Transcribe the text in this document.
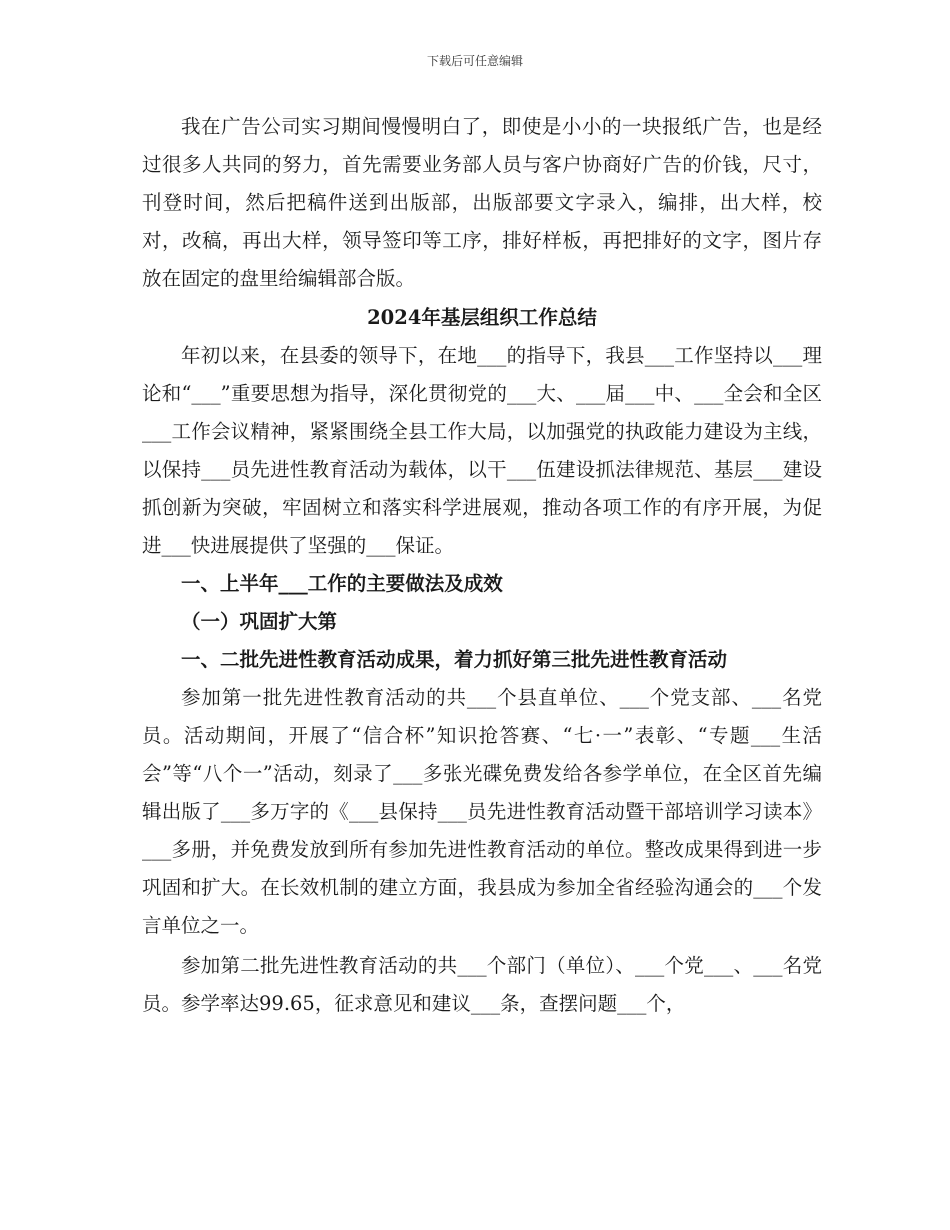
下载后可任意编辑

我在广告公司实习期间慢慢明白了，即使是小小的一块报纸广告，也是经过很多人共同的努力，首先需要业务部人员与客户协商好广告的价钱，尺寸，刊登时间，然后把稿件送到出版部，出版部要文字录入，编排，出大样，校对，改稿，再出大样，领导签印等工序，排好样板，再把排好的文字，图片存放在固定的盘里给编辑部合版。

2024年基层组织工作总结

年初以来，在县委的领导下，在地___的指导下，我县___工作坚持以___理论和“___”重要思想为指导，深化贯彻党的___大、___届___中、___全会和全区___工作会议精神，紧紧围绕全县工作大局，以加强党的执政能力建设为主线，以保持___员先进性教育活动为载体，以干___伍建设抓法律规范、基层___建设抓创新为突破，牢固树立和落实科学进展观，推动各项工作的有序开展，为促进___快进展提供了坚强的___保证。

一、上半年___工作的主要做法及成效

（一）巩固扩大第

一、二批先进性教育活动成果，着力抓好第三批先进性教育活动

参加第一批先进性教育活动的共___个县直单位、___个党支部、___名党员。活动期间，开展了“信合杯”知识抢答赛、“七·一”表彰、“专题___生活会”等“八个一”活动，刻录了___多张光碟免费发给各参学单位，在全区首先编辑出版了___多万字的《___县保持___员先进性教育活动暨干部培训学习读本》___多册，并免费发放到所有参加先进性教育活动的单位。整改成果得到进一步巩固和扩大。在长效机制的建立方面，我县成为参加全省经验沟通会的___个发言单位之一。

参加第二批先进性教育活动的共___个部门（单位）、___个党___、___名党员。参学率达99.65，征求意见和建议___条，查摆问题___个，
